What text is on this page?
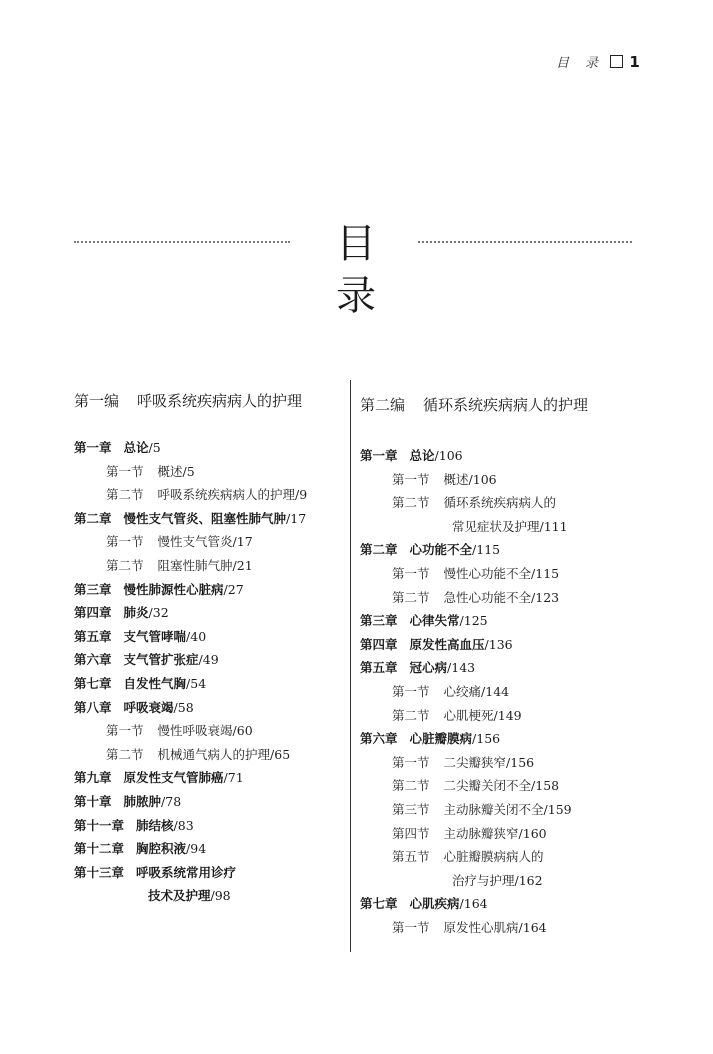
目 录 1
目录
第一编 呼吸系统疾病病人的护理
第一章 总论/5
第一节 概述/5
第二节 呼吸系统疾病病人的护理/9
第二章 慢性支气管炎、阻塞性肺气肿/17
第一节 慢性支气管炎/17
第二节 阻塞性肺气肿/21
第三章 慢性肺源性心脏病/27
第四章 肺炎/32
第五章 支气管哮喘/40
第六章 支气管扩张症/49
第七章 自发性气胸/54
第八章 呼吸衰竭/58
第一节 慢性呼吸衰竭/60
第二节 机械通气病人的护理/65
第九章 原发性支气管肺癌/71
第十章 肺脓肿/78
第十一章 肺结核/83
第十二章 胸腔积液/94
第十三章 呼吸系统常用诊疗
技术及护理/98
第二编 循环系统疾病病人的护理
第一章 总论/106
第一节 概述/106
第二节 循环系统疾病病人的
常见症状及护理/111
第二章 心功能不全/115
第一节 慢性心功能不全/115
第二节 急性心功能不全/123
第三章 心律失常/125
第四章 原发性高血压/136
第五章 冠心病/143
第一节 心绞痛/144
第二节 心肌梗死/149
第六章 心脏瓣膜病/156
第一节 二尖瓣狭窄/156
第二节 二尖瓣关闭不全/158
第三节 主动脉瓣关闭不全/159
第四节 主动脉瓣狭窄/160
第五节 心脏瓣膜病病人的
治疗与护理/162
第七章 心肌疾病/164
第一节 原发性心肌病/164
